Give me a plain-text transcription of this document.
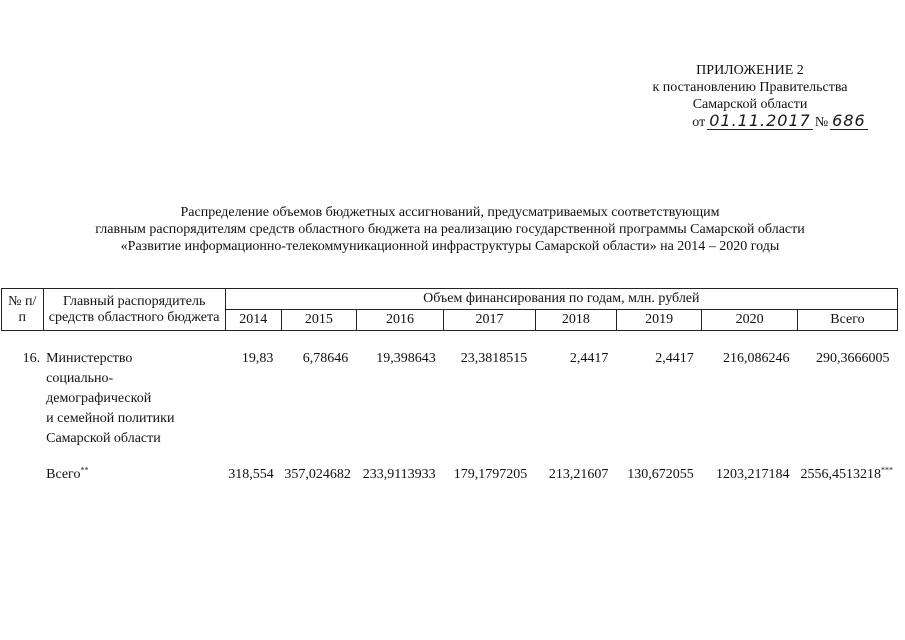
ПРИЛОЖЕНИЕ 2
к постановлению Правительства
Самарской области
от 01.11.2017 № 686
Распределение объемов бюджетных ассигнований, предусматриваемых соответствующим
главным распорядителям средств областного бюджета на реализацию государственной программы Самарской области
«Развитие информационно-телекоммуникационной инфраструктуры Самарской области» на 2014 – 2020 годы
№ п/п	Главный распорядитель средств областного бюджета	Объем финансирования по годам, млн. рублей							
		2014	2015	2016	2017	2018	2019	2020	Всего

16.	Министерство
социально-
демографической
и семейной политики
Самарской области	19,83	6,78646	19,398643	23,3818515	2,4417	2,4417	216,086246	290,3666005

	Всего**	318,554	357,024682	233,9113933	179,1797205	213,21607	130,672055	1203,217184	2556,4513218***
